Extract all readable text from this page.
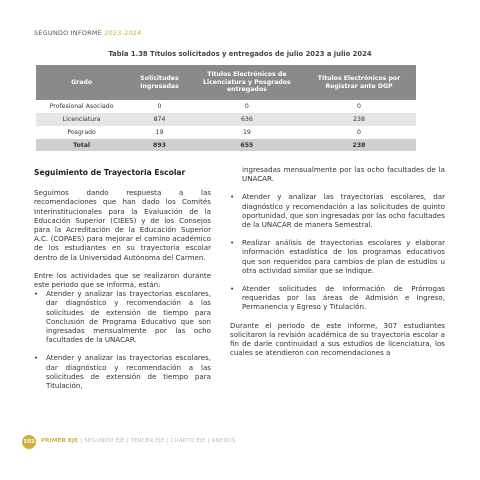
SEGUNDO INFORME 2023-2024
Tabla 1.38 Títulos solicitados y entregados de julio 2023 a julio 2024
Grado	Solicitudes Ingresadas	Títulos Electrónicos de Licenciatura y Posgrados entregados	Títulos Electrónicos por Registrar ante DGP
Profesional Asociado	0	0	0
Licenciatura	874	636	238
Posgrado	19	19	0
Total	893	655	238
Seguimiento de Trayectoria Escolar

Seguimos dando respuesta a las recomendaciones que han dado los Comités Interinstitucionales para la Evaluación de la Educación Superior (CIEES) y de los Consejos para la Acreditación de la Educación Superior A.C. (COPAES) para mejorar el camino académico de los estudiantes en su trayectoria escolar dentro de la Universidad Autónoma del Carmen.

Entre los actividades que se realizaron durante este periodo que se informa, están:

• Atender y analizar las trayectorias escolares, dar diagnóstico y recomendación a las solicitudes de extensión de tiempo para Conclusión de Programa Educativo que son ingresadas mensualmente por las ocho facultades de la UNACAR.
• Atender y analizar las trayectorias escolares, dar diagnóstico y recomendación a las solicitudes de extensión de tiempo para Titulación,

ingresadas mensualmente por las ocho facultades de la UNACAR.

• Atender y analizar las trayectorias escolares, dar diagnóstico y recomendación a las solicitudes de quinto oportunidad, que son ingresadas por las ocho facultades de la UNACAR de manera Semestral.
• Realizar análisis de trayectorias escolares y elaborar información estadística de los programas educativos que son requeridos para cambios de plan de estudios u otra actividad similar que se indique.
• Atender solicitudes de Información de Prórrogas requeridas por las áreas de Admisión e Ingreso, Permanencia y Egreso y Titulación.

Durante el periodo de este informe, 307 estudiantes solicitaron la revisión académica de su trayectoria escolar a fin de darle continuidad a sus estudios de licenciatura, los cuales se atendieron con recomendaciones a

102 PRIMER EJE | SEGUNDO EJE | TERCER EJE | CUARTO EJE | ANEXOS
